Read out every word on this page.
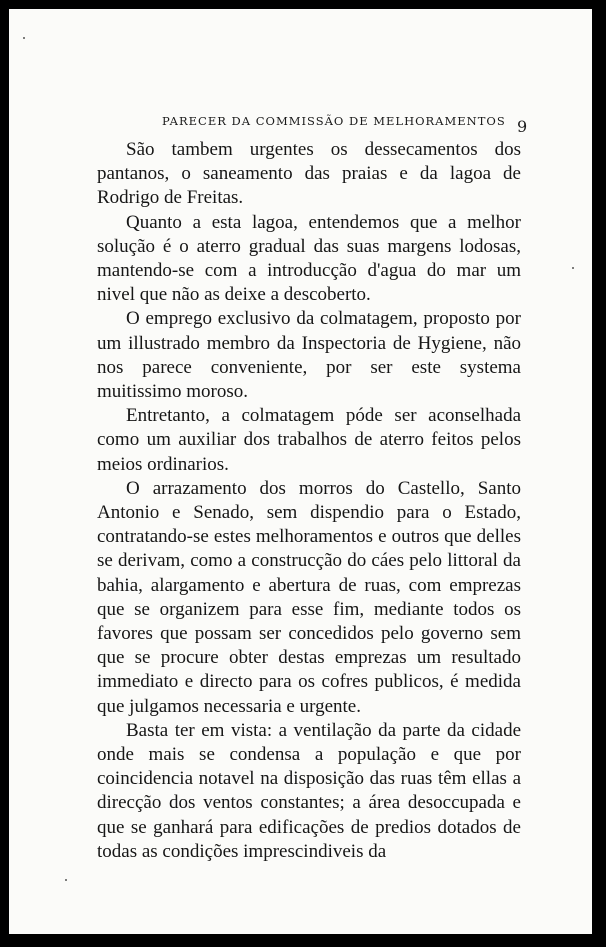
PARECER DA COMMISSÃO DE MELHORAMENTOS 9

São tambem urgentes os dessecamentos dos pantanos, o saneamento das praias e da lagoa de Rodrigo de Freitas.

Quanto a esta lagoa, entendemos que a melhor solução é o aterro gradual das suas margens lodosas, mantendo-se com a introducção d'agua do mar um nivel que não as deixe a descoberto.

O emprego exclusivo da colmatagem, proposto por um illustrado membro da Inspectoria de Hygiene, não nos parece conveniente, por ser este systema muitissimo moroso.

Entretanto, a colmatagem póde ser aconselhada como um auxiliar dos trabalhos de aterro feitos pelos meios ordinarios.

O arrazamento dos morros do Castello, Santo Antonio e Senado, sem dispendio para o Estado, contratando-se estes melhoramentos e outros que delles se derivam, como a construcção do cáes pelo littoral da bahia, alargamento e abertura de ruas, com emprezas que se organizem para esse fim, mediante todos os favores que possam ser concedidos pelo governo sem que se procure obter destas emprezas um resultado immediato e directo para os cofres publicos, é medida que julgamos necessaria e urgente.

Basta ter em vista: a ventilação da parte da cidade onde mais se condensa a população e que por coincidencia notavel na disposição das ruas têm ellas a direcção dos ventos constantes; a área desoccupada e que se ganhará para edificações de predios dotados de todas as condições imprescindiveis da
